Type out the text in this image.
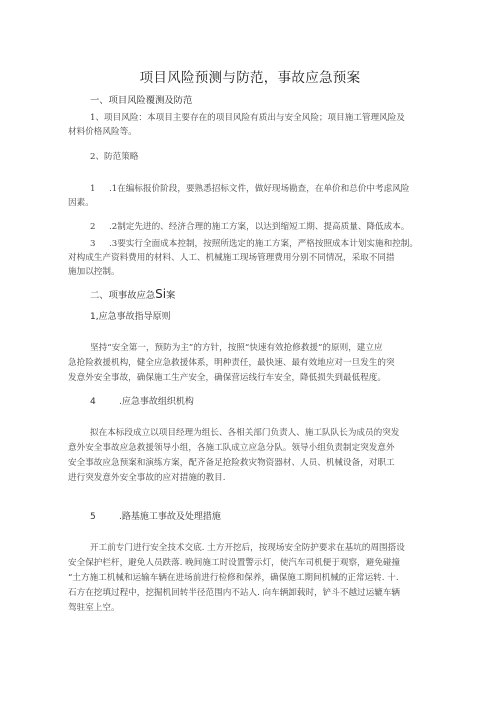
项目风险预测与防范，事故应急预案
一、项目风险覆测及防范
1、项目风险：本项目主要存在的项目风险有质出与安全风险；项目施工管理风险及
材料价格风险等。
2、防范策略
1 .1在编标报价阶段，要熟悉招标文件，做好现场勘查，在单价和总价中考虑风险
因素。
2 .2制定先进的、经济合理的施工方案，以达到缩短工期、提高质量、降低成本。
3 .3要实行全面成本控制，按照所选定的施工方案，严格按照成本计划实施和控制。
对构成生产资料费用的材料、人工、机械施工现场管理费用分别不同情况，采取不同措
施加以控制。
二、项事故应急Si案
1,应急事故指导原则
坚持“安全第一，预防为主”的方针，按照“快速有效抢修救援”的原则，建立应
急抢险救援机构，健全应急救援体系，明种责任，最快速、最有效地应对一旦发生的突
发意外安全事故，确保施工生产安全，确保营运线行车安全，降低损失到最低程度。
4	.应急事故组织机构
拟在本标段成立以项目经理为组长、各相关部门负责人、施工队队长为成员的突发
意外安全事故应急救援领导小组，各施工队成立应急分队。领导小组负责制定突发意外
安全事故应急预案和演练方案，配齐备足抢险救灾物资器材、人员、机械设备，对职工
进行突发意外安全事故的应对措施的教目.
5	.路基施工事故及处理措施
开工前专门进行安全技术交底. 土方开挖后，按现场安全防护要求在基坑的周围搭设
安全保护栏杆，避免人员跌落. 晚间施工时设置警示灯，使汽车司机便于观察，避免碰撞
“土方施工机械和运输车辆在进场前进行检修和保养，确保施工期间机械的正常运转. 十.
石方在挖填过程中，挖掘机回转半径范围内不站人. 向车辆卸载时，铲斗不越过运辘车辆
驾驻室上空。
